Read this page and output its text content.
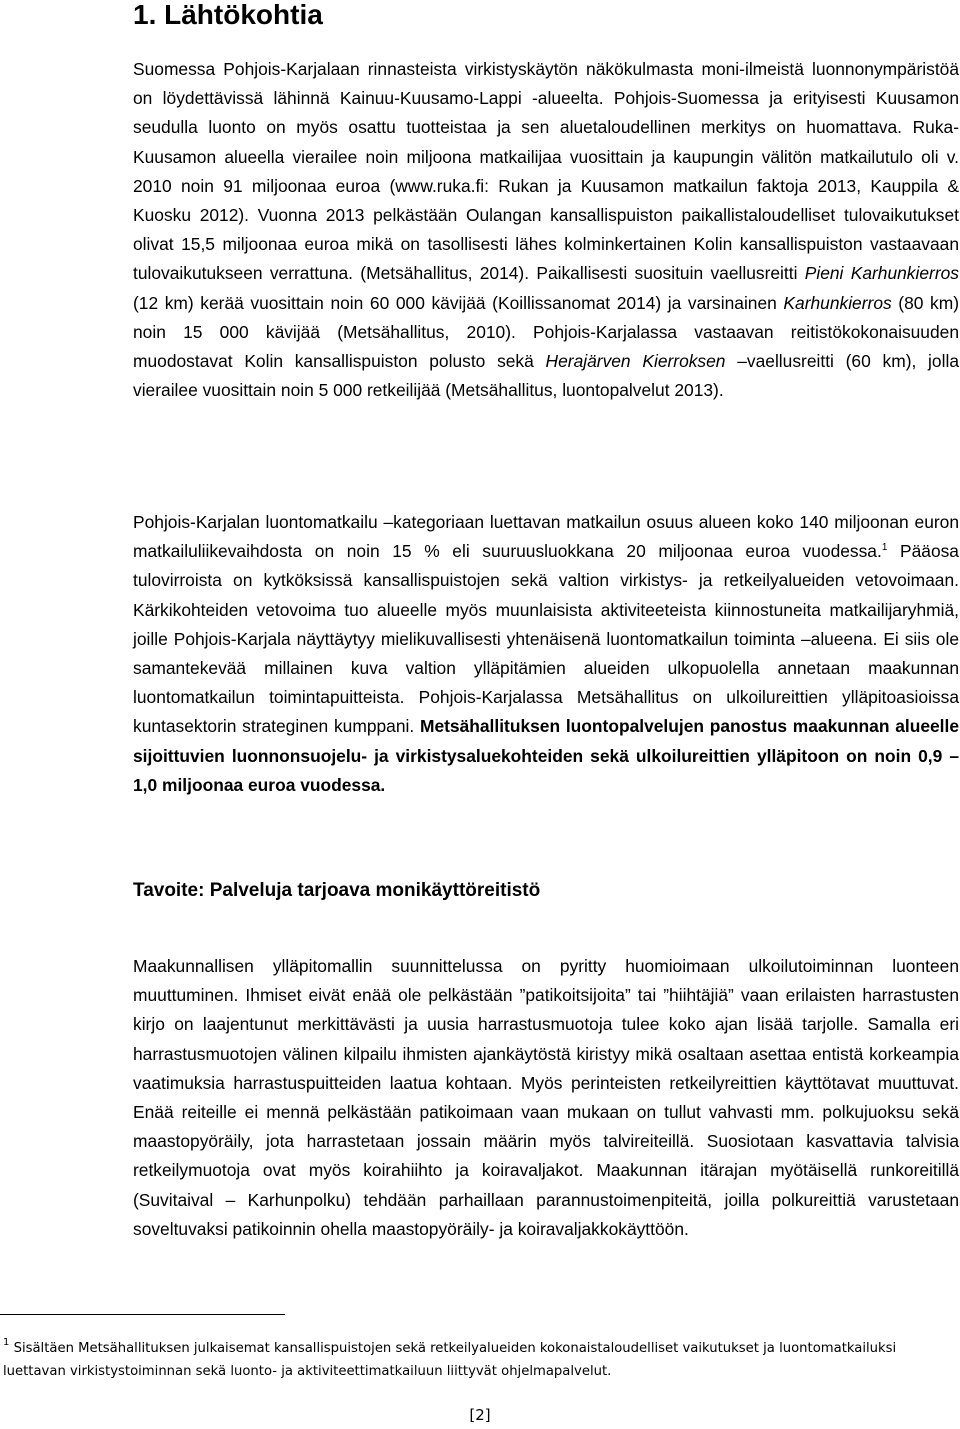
1. Lähtökohtia

Suomessa Pohjois-Karjalaan rinnasteista virkistyskäytön näkökulmasta moni-ilmeistä luonnonympäristöä on löydettävissä lähinnä Kainuu-Kuusamo-Lappi -alueelta. Pohjois-Suomessa ja erityisesti Kuusamon seudulla luonto on myös osattu tuotteistaa ja sen aluetaloudellinen merkitys on huomattava. Ruka-Kuusamon alueella vierailee noin miljoona matkailijaa vuosittain ja kaupungin välitön matkailutulo oli v. 2010 noin 91 miljoonaa euroa (www.ruka.fi: Rukan ja Kuusamon matkailun faktoja 2013, Kauppila & Kuosku 2012). Vuonna 2013 pelkästään Oulangan kansallispuiston paikallistaloudelliset tulovaikutukset olivat 15,5 miljoonaa euroa mikä on tasollisesti lähes kolminkertainen Kolin kansallispuiston vastaavaan tulovaikutukseen verrattuna. (Metsähallitus, 2014). Paikallisesti suosituin vaellusreitti Pieni Karhunkierros (12 km) kerää vuosittain noin 60 000 kävijää (Koillissanomat 2014) ja varsinainen Karhunkierros (80 km) noin 15 000 kävijää (Metsähallitus, 2010). Pohjois-Karjalassa vastaavan reitistökokonaisuuden muodostavat Kolin kansallispuiston polusto sekä Herajärven Kierroksen –vaellusreitti (60 km), jolla vierailee vuosittain noin 5 000 retkeilijää (Metsähallitus, luontopalvelut 2013).

Pohjois-Karjalan luontomatkailu –kategoriaan luettavan matkailun osuus alueen koko 140 miljoonan euron matkailuliikevaihdosta on noin 15 % eli suuruusluokkana 20 miljoonaa euroa vuodessa.$^1$ Pääosa tulovirroista on kytköksissä kansallispuistojen sekä valtion virkistys- ja retkeilyalueiden vetovoimaan. Kärkikohteiden vetovoima tuo alueelle myös muunlaisista aktiviteeteista kiinnostuneita matkailijaryhmiä, joille Pohjois-Karjala näyttäytyy mielikuvallisesti yhtenäisenä luontomatkailun toiminta –alueena. Ei siis ole samantekevää millainen kuva valtion ylläpitämien alueiden ulkopuolella annetaan maakunnan luontomatkailun toimintapuitteista. Pohjois-Karjalassa Metsähallitus on ulkoilureittien ylläpitoasioissa kuntasektorin strateginen kumppani. Metsähallituksen luontopalvelujen panostus maakunnan alueelle sijoittuvien luonnonsuojelu- ja virkistysaluekohteiden sekä ulkoilureittien ylläpitoon on noin 0,9 – 1,0 miljoonaa euroa vuodessa.

Tavoite: Palveluja tarjoava monikäyttöreitistö

Maakunnallisen ylläpitomallin suunnittelussa on pyritty huomioimaan ulkoilutoiminnan luonteen muuttuminen. Ihmiset eivät enää ole pelkästään ”patikoitsijoita” tai ”hiihtäjiä” vaan erilaisten harrastusten kirjo on laajentunut merkittävästi ja uusia harrastusmuotoja tulee koko ajan lisää tarjolle. Samalla eri harrastusmuotojen välinen kilpailu ihmisten ajankäytöstä kiristyy mikä osaltaan asettaa entistä korkeampia vaatimuksia harrastuspuitteiden laatua kohtaan. Myös perinteisten retkeilyreittien käyttötavat muuttuvat. Enää reiteille ei mennä pelkästään patikoimaan vaan mukaan on tullut vahvasti mm. polkujuoksu sekä maastopyöräily, jota harrastetaan jossain määrin myös talvireiteillä. Suosiotaan kasvattavia talvisia retkeilymuotoja ovat myös koirahiihto ja koiravaljakot. Maakunnan itärajan myötäisellä runkoreitillä (Suvitaival – Karhunpolku) tehdään parhaillaan parannustoimenpiteitä, joilla polkureittiä varustetaan soveltuvaksi patikoinnin ohella maastopyöräily- ja koiravaljakkokäyttöön.

$^1$ Sisältäen Metsähallituksen julkaisemat kansallispuistojen sekä retkeilyalueiden kokonaistaloudelliset vaikutukset ja luontomatkailuksi luettavan virkistystoiminnan sekä luonto- ja aktiviteettimatkailuun liittyvät ohjelmapalvelut.

[2]
